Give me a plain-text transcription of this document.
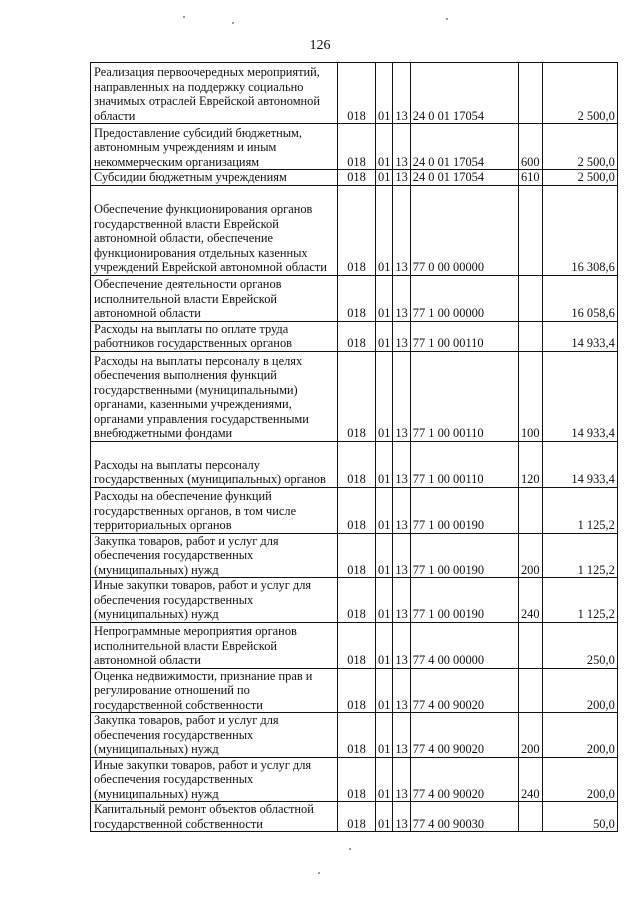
126
Реализация первоочередных мероприятий, направленных на поддержку социально значимых отраслей Еврейской автономной области	018	01	13	24 0 01 17054		2 500,0
Предоставление субсидий бюджетным, автономным учреждениям и иным некоммерческим организациям	018	01	13	24 0 01 17054	600	2 500,0
Субсидии бюджетным учреждениям	018	01	13	24 0 01 17054	610	2 500,0
Обеспечение функционирования органов государственной власти Еврейской автономной области, обеспечение функционирования отдельных казенных учреждений Еврейской автономной области	018	01	13	77 0 00 00000		16 308,6
Обеспечение деятельности органов исполнительной власти Еврейской автономной области	018	01	13	77 1 00 00000		16 058,6
Расходы на выплаты по оплате труда работников государственных органов	018	01	13	77 1 00 00110		14 933,4
Расходы на выплаты персоналу в целях обеспечения выполнения функций государственными (муниципальными) органами, казенными учреждениями, органами управления государственными внебюджетными фондами	018	01	13	77 1 00 00110	100	14 933,4
Расходы на выплаты персоналу государственных (муниципальных) органов	018	01	13	77 1 00 00110	120	14 933,4
Расходы на обеспечение функций государственных органов, в том числе территориальных органов	018	01	13	77 1 00 00190		1 125,2
Закупка товаров, работ и услуг для обеспечения государственных (муниципальных) нужд	018	01	13	77 1 00 00190	200	1 125,2
Иные закупки товаров, работ и услуг для обеспечения государственных (муниципальных) нужд	018	01	13	77 1 00 00190	240	1 125,2
Непрограммные мероприятия органов исполнительной власти Еврейской автономной области	018	01	13	77 4 00 00000		250,0
Оценка недвижимости, признание прав и регулирование отношений по государственной собственности	018	01	13	77 4 00 90020		200,0
Закупка товаров, работ и услуг для обеспечения государственных (муниципальных) нужд	018	01	13	77 4 00 90020	200	200,0
Иные закупки товаров, работ и услуг для обеспечения государственных (муниципальных) нужд	018	01	13	77 4 00 90020	240	200,0
Капитальный ремонт объектов областной государственной собственности	018	01	13	77 4 00 90030		50,0
